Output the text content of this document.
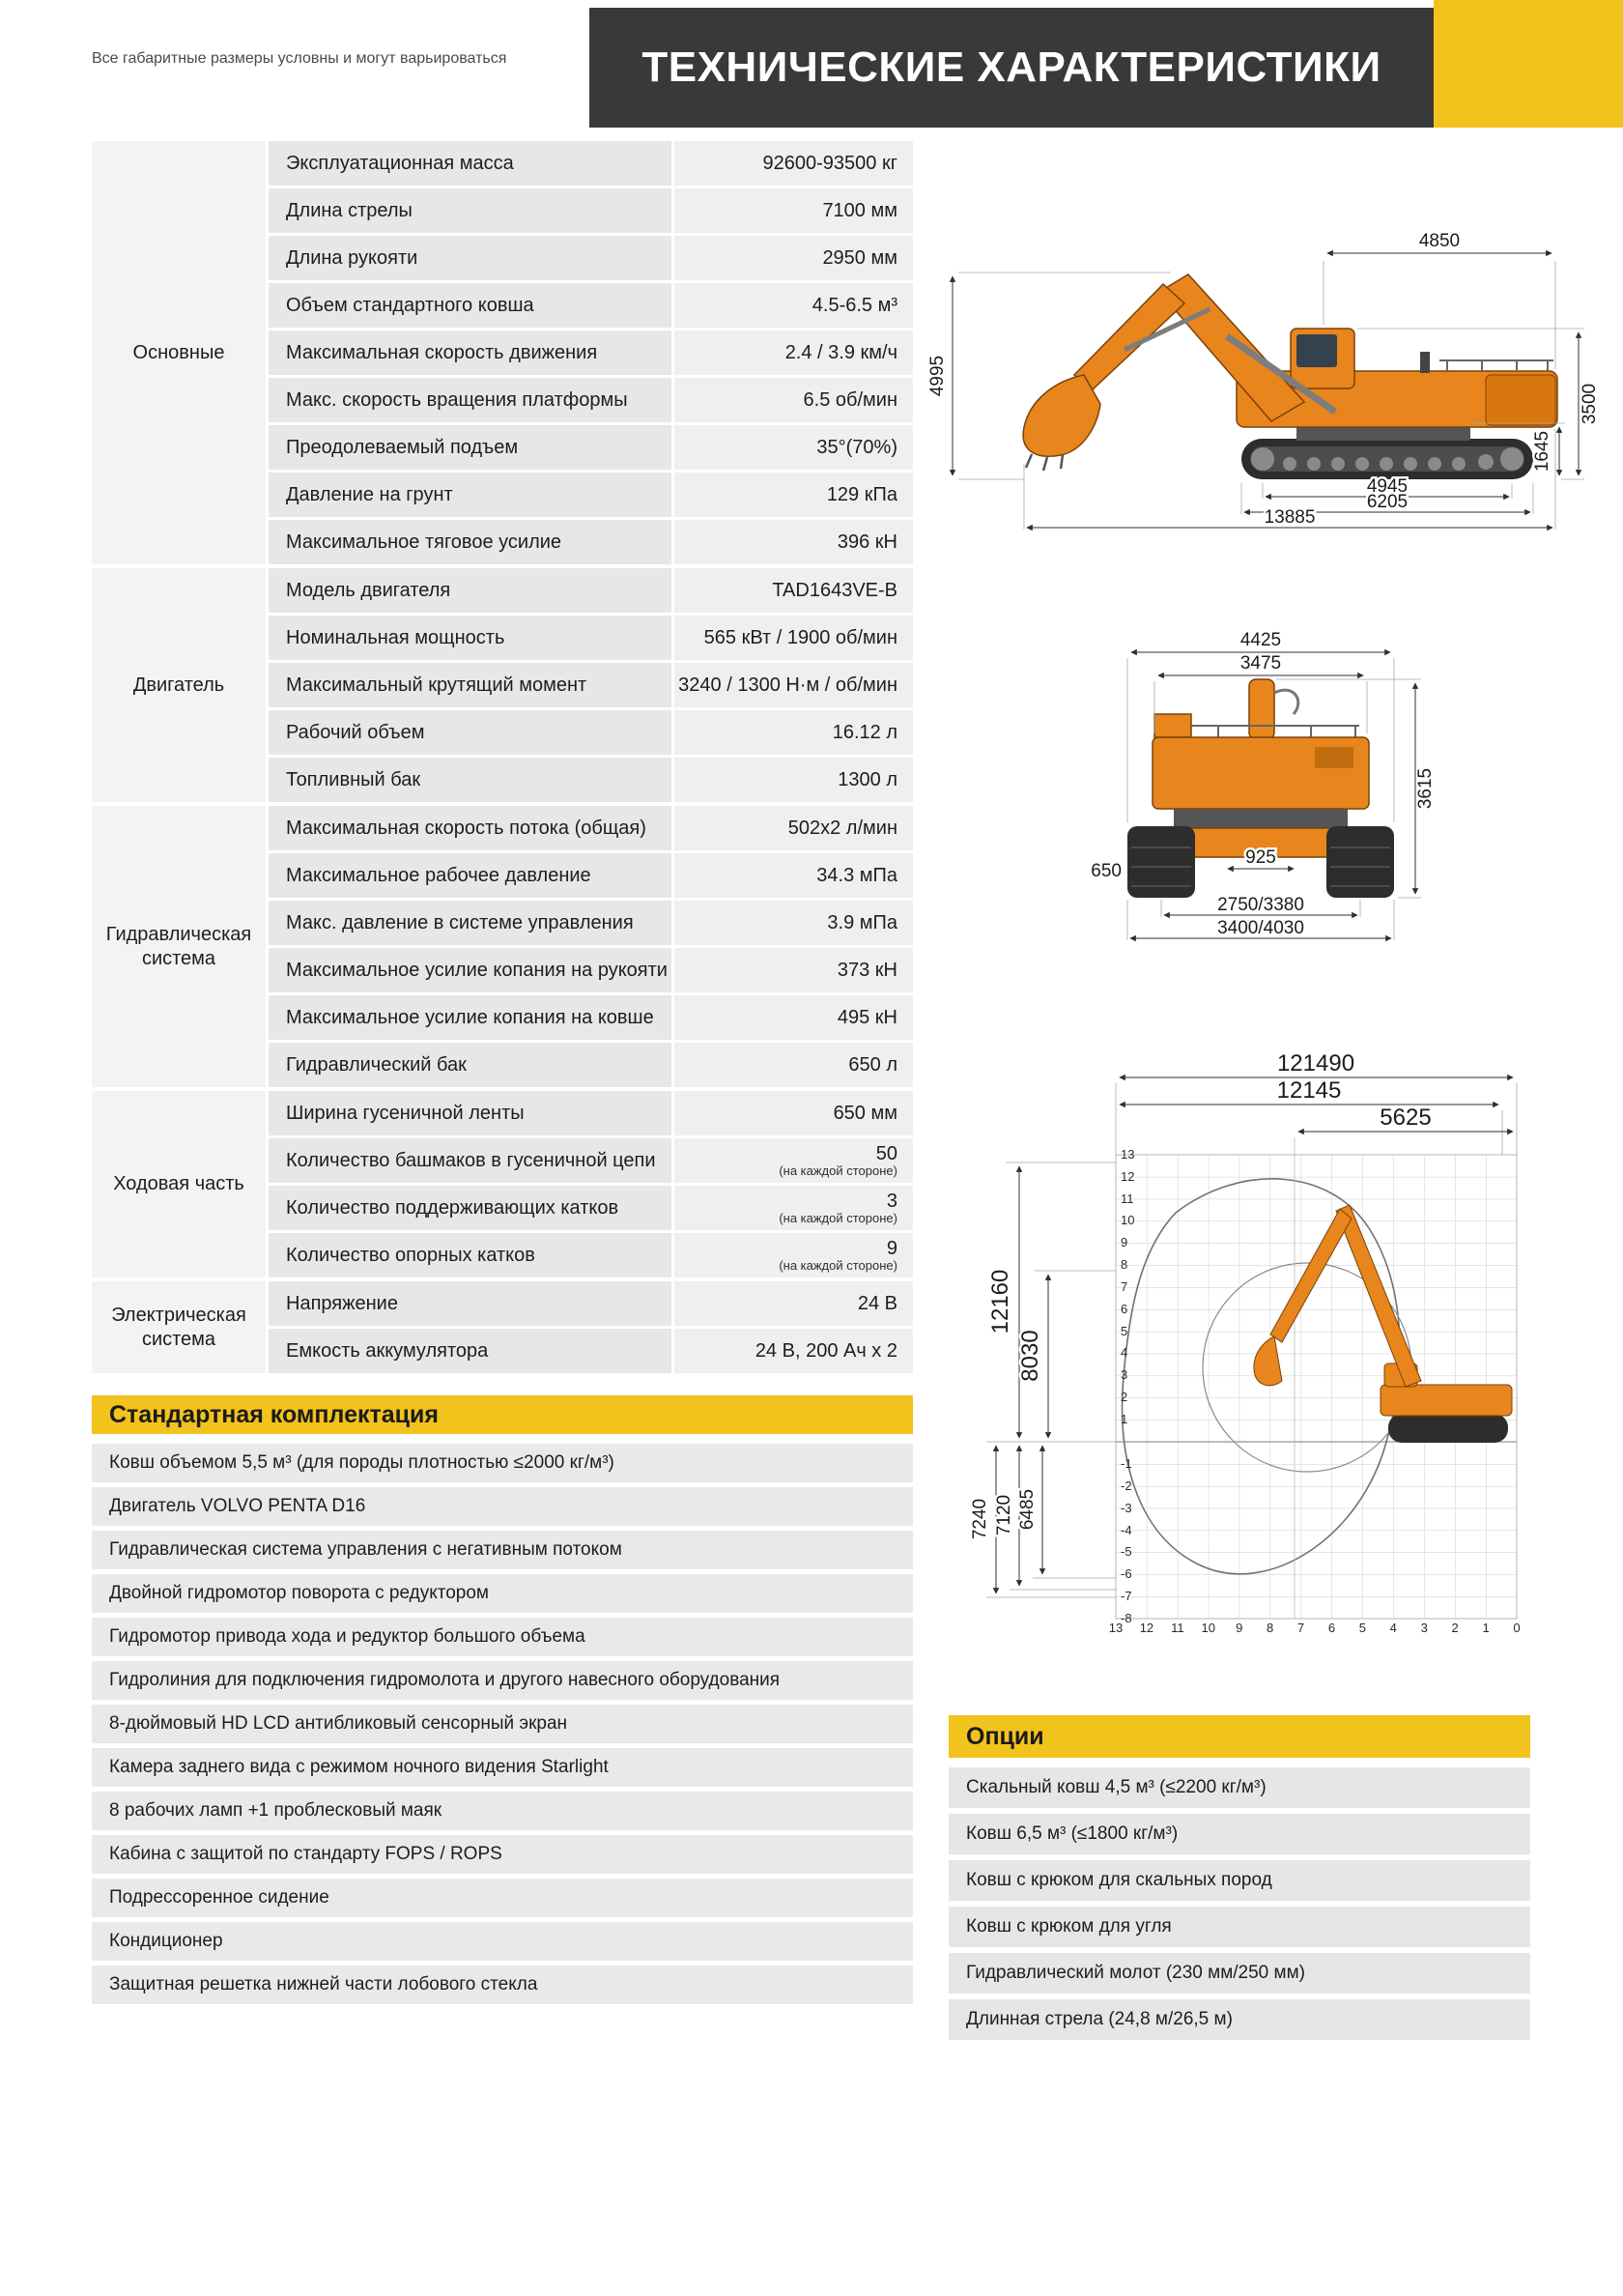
Все габаритные размеры условны и могут варьироваться	ТЕХНИЧЕСКИЕ ХАРАКТЕРИСТИКИ
Основные
Эксплуатационная масса	92600-93500 кг
Длина стрелы	7100 мм
Длина рукояти	2950 мм
Объем стандартного ковша	4.5-6.5 м³
Максимальная скорость движения	2.4 / 3.9 км/ч
Макс. скорость вращения платформы	6.5 об/мин
Преодолеваемый подъем	35°(70%)
Давление на грунт	129 кПа
Максимальное тяговое усилие	396 кН
Двигатель
Модель двигателя	TAD1643VE-B
Номинальная мощность	565 кВт / 1900 об/мин
Максимальный крутящий момент	3240 / 1300 Н·м / об/мин
Рабочий объем	16.12 л
Топливный бак	1300 л
Гидравлическая система
Максимальная скорость потока (общая)	502x2 л/мин
Максимальное рабочее давление	34.3 мПа
Макс. давление в системе управления	3.9 мПа
Максимальное усилие копания на рукояти	373 кН
Максимальное усилие копания на ковше	495 кН
Гидравлический бак	650 л
Ходовая часть
Ширина гусеничной ленты	650 мм
Количество башмаков в гусеничной цепи	50
(на каждой стороне)
Количество поддерживающих катков	3
(на каждой стороне)
Количество опорных катков	9
(на каждой стороне)
Электрическая система
Напряжение	24 В
Емкость аккумулятора	24 В, 200 Ач х 2
Стандартная комплектация
Ковш объемом 5,5 м³ (для породы плотностью ≤2000 кг/м³)
Двигатель VOLVO PENTA D16
Гидравлическая система управления с негативным потоком
Двойной гидромотор поворота с редуктором
Гидромотор привода хода и редуктор большого объема
Гидролиния для подключения гидромолота и другого навесного оборудования
8-дюймовый HD LCD антибликовый сенсорный экран
Камера заднего вида с режимом ночного видения Starlight
8 рабочих ламп +1 проблесковый маяк
Кабина с защитой по стандарту FOPS / ROPS
Подрессоренное сидение
Кондиционер
Защитная решетка нижней части лобового стекла
Опции
Скальный ковш 4,5 м³ (≤2200 кг/м³)
Ковш 6,5 м³ (≤1800 кг/м³)
Ковш с крюком для скальных пород
Ковш с крюком для угля
Гидравлический молот (230 мм/250 мм)
Длинная стрела (24,8 м/26,5 м)
4850
4995
3500
1645
4945
6205
13885
4425
3475
3615
925
650
2750/3380
3400/4030
121490
12145
5625
12160
8030
7240 7120 6485
13
12
11
10
9
8
7
6
5
4
3
2
1
-1
-2
-3
-4
-5
-6
-7
-8
13	12	11	10	9	8	7	6	5	4	3	2	1	0
